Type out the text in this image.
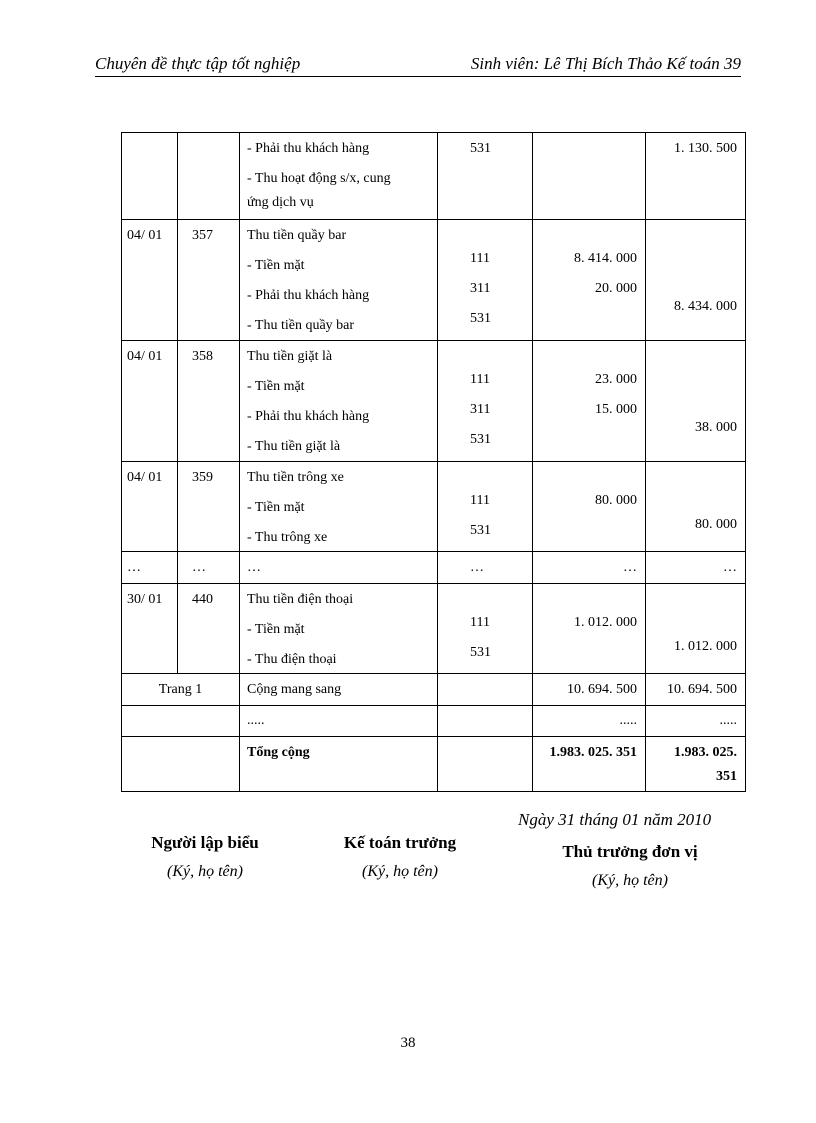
Chuyên đề thực tập tốt nghiệp	Sinh viên: Lê Thị Bích Thảo Kế toán 39

		- Phải thu khách hàng
- Thu hoạt động s/x, cung
ứng dịch vụ	531		1. 130. 500

04/ 01	357	Thu tiền quầy bar
- Tiền mặt
- Phải thu khách hàng
- Thu tiền quầy bar	111
311
531	8. 414. 000
20. 000	8. 434. 000

04/ 01	358	Thu tiền giặt là
- Tiền mặt
- Phải thu khách hàng
- Thu tiền giặt là	111
311
531	23. 000
15. 000	38. 000

04/ 01	359	Thu tiền trông xe
- Tiền mặt
- Thu trông xe	111
531	80. 000	80. 000

…	…	…	…	…	…

30/ 01	440	Thu tiền điện thoại
- Tiền mặt
- Thu điện thoại	111
531	1. 012. 000	1. 012. 000

Trang 1		Cộng mang sang		10. 694. 500	10. 694. 500

		.....		.....	.....

		Tổng cộng		1.983. 025. 351	1.983. 025.
351
Ngày 31 tháng 01 năm 2010
Người lập biểu
(Ký, họ tên)
Kế toán trưởng
(Ký, họ tên)
Thủ trưởng đơn vị
(Ký, họ tên)
38
